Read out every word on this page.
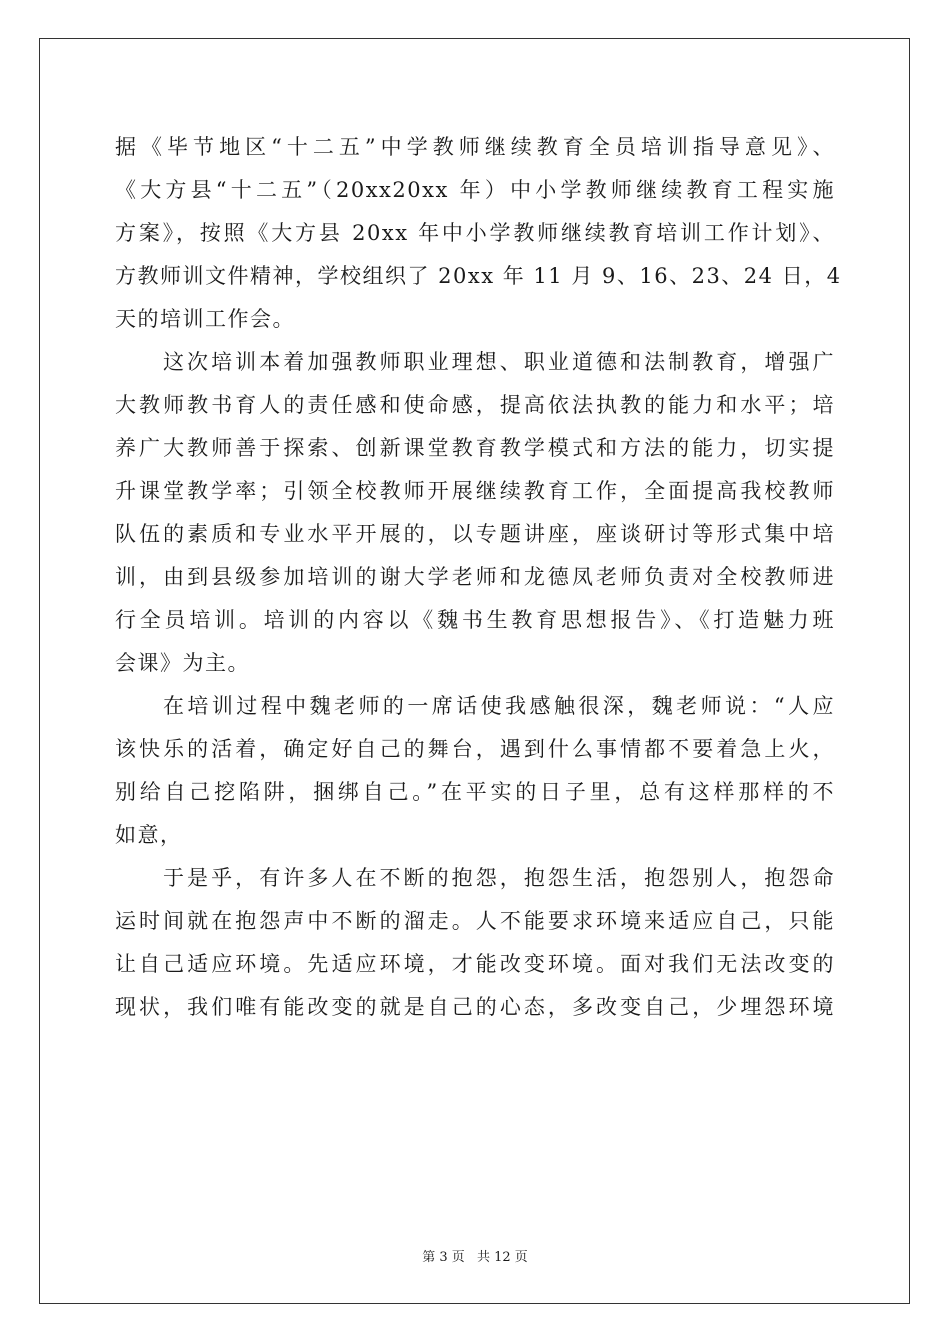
据《毕节地区“十二五”中学教师继续教育全员培训指导意见》、
《大方县“十二五”（20xx20xx 年）中小学教师继续教育工程实施
方案》，按照《大方县 20xx 年中小学教师继续教育培训工作计划》、
方教师训文件精神，学校组织了 20xx 年 11 月 9、16、23、24 日，4
天的培训工作会。
这次培训本着加强教师职业理想、职业道德和法制教育，增强广
大教师教书育人的责任感和使命感，提高依法执教的能力和水平；培
养广大教师善于探索、创新课堂教育教学模式和方法的能力，切实提
升课堂教学率；引领全校教师开展继续教育工作，全面提高我校教师
队伍的素质和专业水平开展的，以专题讲座，座谈研讨等形式集中培
训，由到县级参加培训的谢大学老师和龙德凤老师负责对全校教师进
行全员培训。培训的内容以《魏书生教育思想报告》、《打造魅力班
会课》为主。
在培训过程中魏老师的一席话使我感触很深，魏老师说：“人应
该快乐的活着，确定好自己的舞台，遇到什么事情都不要着急上火，
别给自己挖陷阱，捆绑自己。”在平实的日子里，总有这样那样的不
如意，
于是乎，有许多人在不断的抱怨，抱怨生活，抱怨别人，抱怨命
运时间就在抱怨声中不断的溜走。人不能要求环境来适应自己，只能
让自己适应环境。先适应环境，才能改变环境。面对我们无法改变的
现状，我们唯有能改变的就是自己的心态，多改变自己，少埋怨环境
第 3 页 共 12 页
